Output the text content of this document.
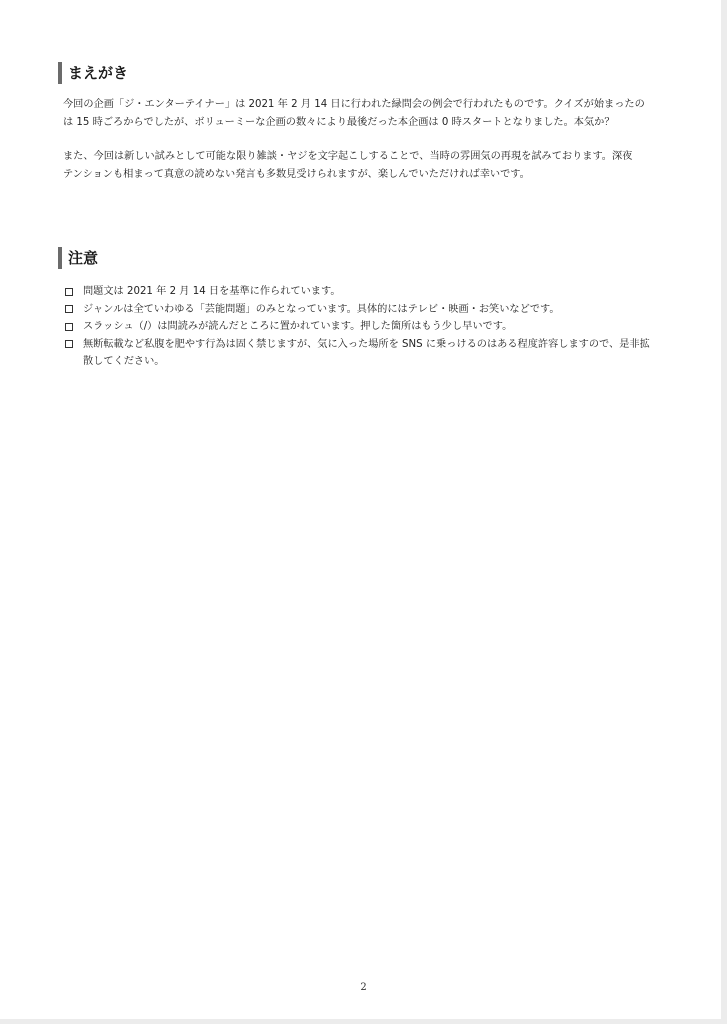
まえがき
今回の企画「ジ・エンターテイナー」は 2021 年 2 月 14 日に行われた緑問会の例会で行われたものです。クイズが始まったの
は 15 時ごろからでしたが、ボリューミーな企画の数々により最後だった本企画は 0 時スタートとなりました。本気か？
また、今回は新しい試みとして可能な限り雑談・ヤジを文字起こしすることで、当時の雰囲気の再現を試みております。深夜
テンションも相まって真意の読めない発言も多数見受けられますが、楽しんでいただければ幸いです。
注意
問題文は 2021 年 2 月 14 日を基準に作られています。
ジャンルは全ていわゆる「芸能問題」のみとなっています。具体的にはテレビ・映画・お笑いなどです。
スラッシュ（/）は問読みが読んだところに置かれています。押した箇所はもう少し早いです。
無断転載など私腹を肥やす行為は固く禁じますが、気に入った場所を SNS に乗っけるのはある程度許容しますので、是非拡
散してください。
2
